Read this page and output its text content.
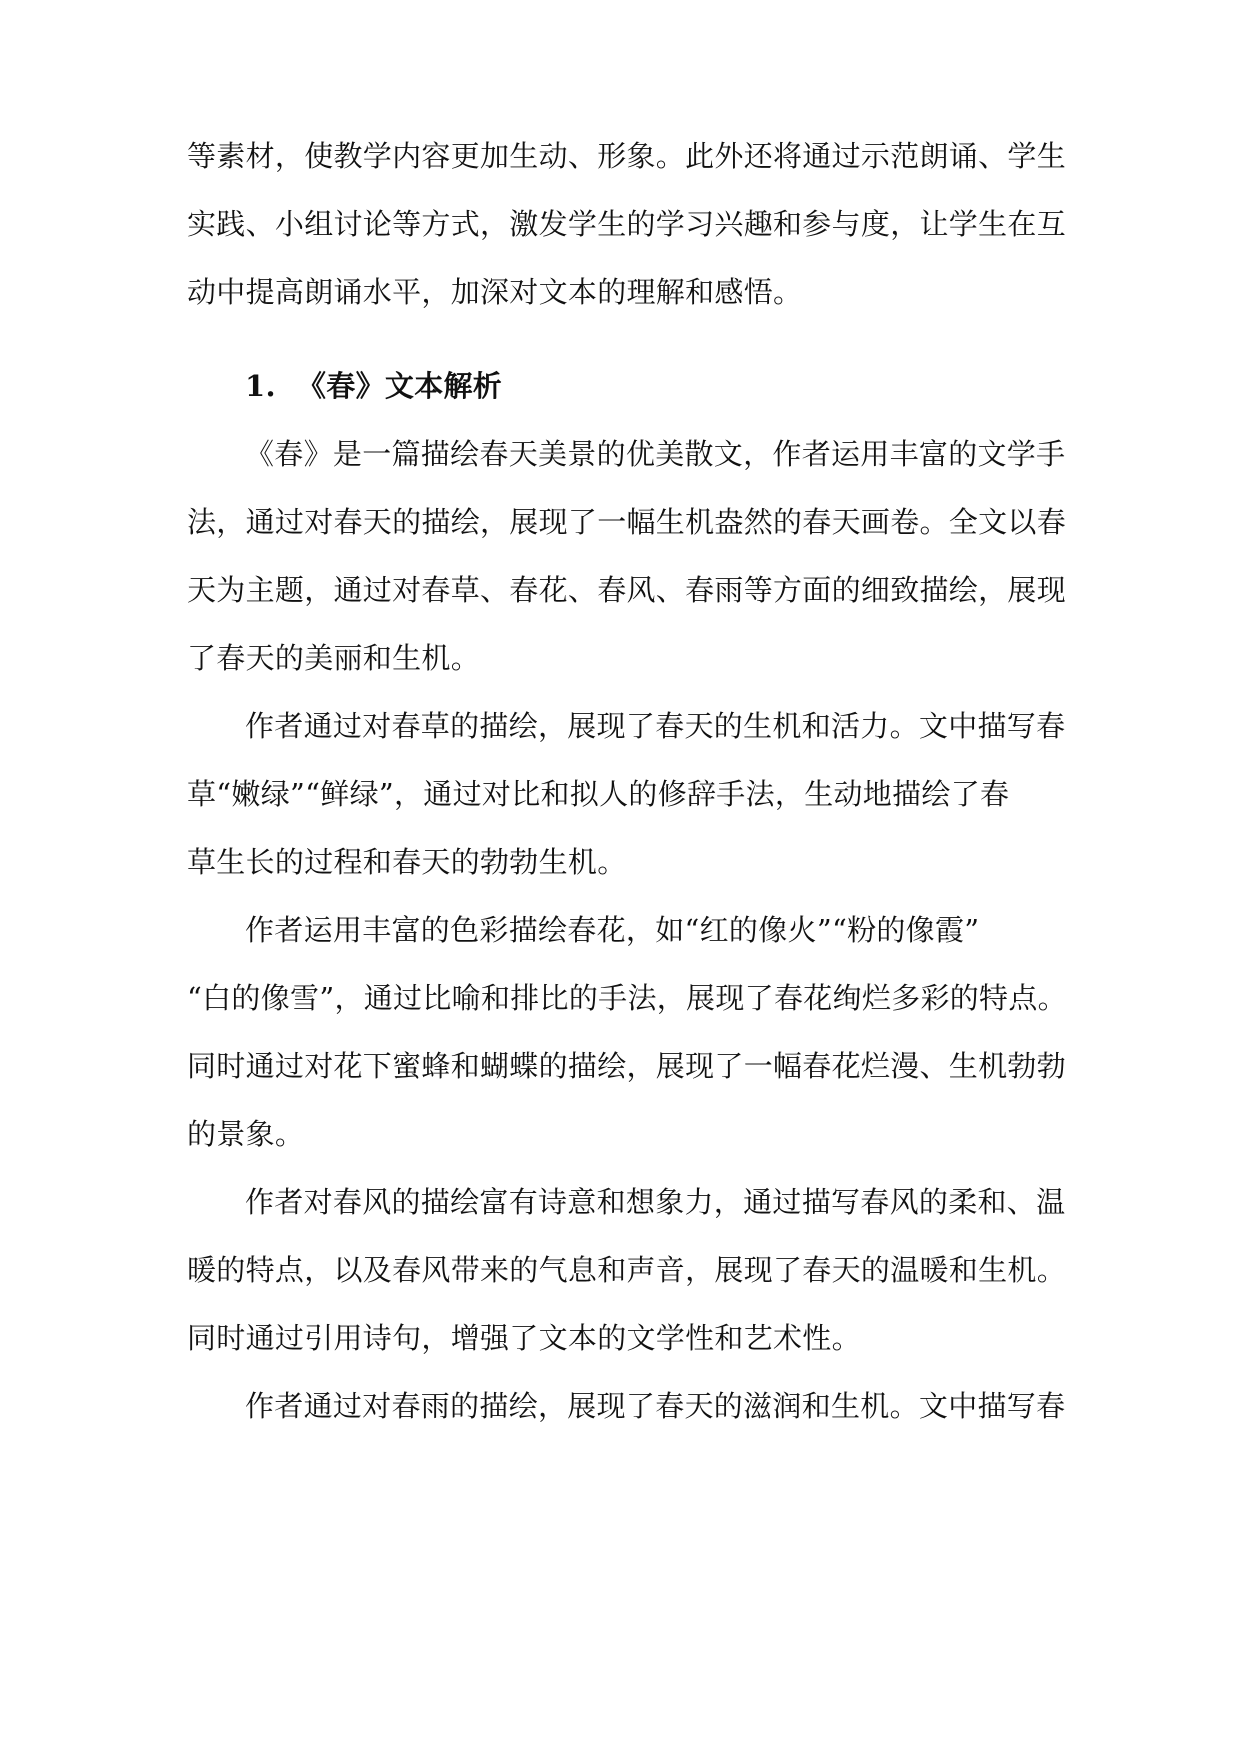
等素材，使教学内容更加生动、形象。此外还将通过示范朗诵、学生
实践、小组讨论等方式，激发学生的学习兴趣和参与度，让学生在互
动中提高朗诵水平，加深对文本的理解和感悟。
1. 《春》文本解析
《春》是一篇描绘春天美景的优美散文，作者运用丰富的文学手
法，通过对春天的描绘，展现了一幅生机盎然的春天画卷。全文以春
天为主题，通过对春草、春花、春风、春雨等方面的细致描绘，展现
了春天的美丽和生机。
作者通过对春草的描绘，展现了春天的生机和活力。文中描写春
草“嫩绿”“鲜绿”，通过对比和拟人的修辞手法，生动地描绘了春
草生长的过程和春天的勃勃生机。
作者运用丰富的色彩描绘春花，如“红的像火”“粉的像霞”
“白的像雪”，通过比喻和排比的手法，展现了春花绚烂多彩的特点。
同时通过对花下蜜蜂和蝴蝶的描绘，展现了一幅春花烂漫、生机勃勃
的景象。
作者对春风的描绘富有诗意和想象力，通过描写春风的柔和、温
暖的特点，以及春风带来的气息和声音，展现了春天的温暖和生机。
同时通过引用诗句，增强了文本的文学性和艺术性。
作者通过对春雨的描绘，展现了春天的滋润和生机。文中描写春
